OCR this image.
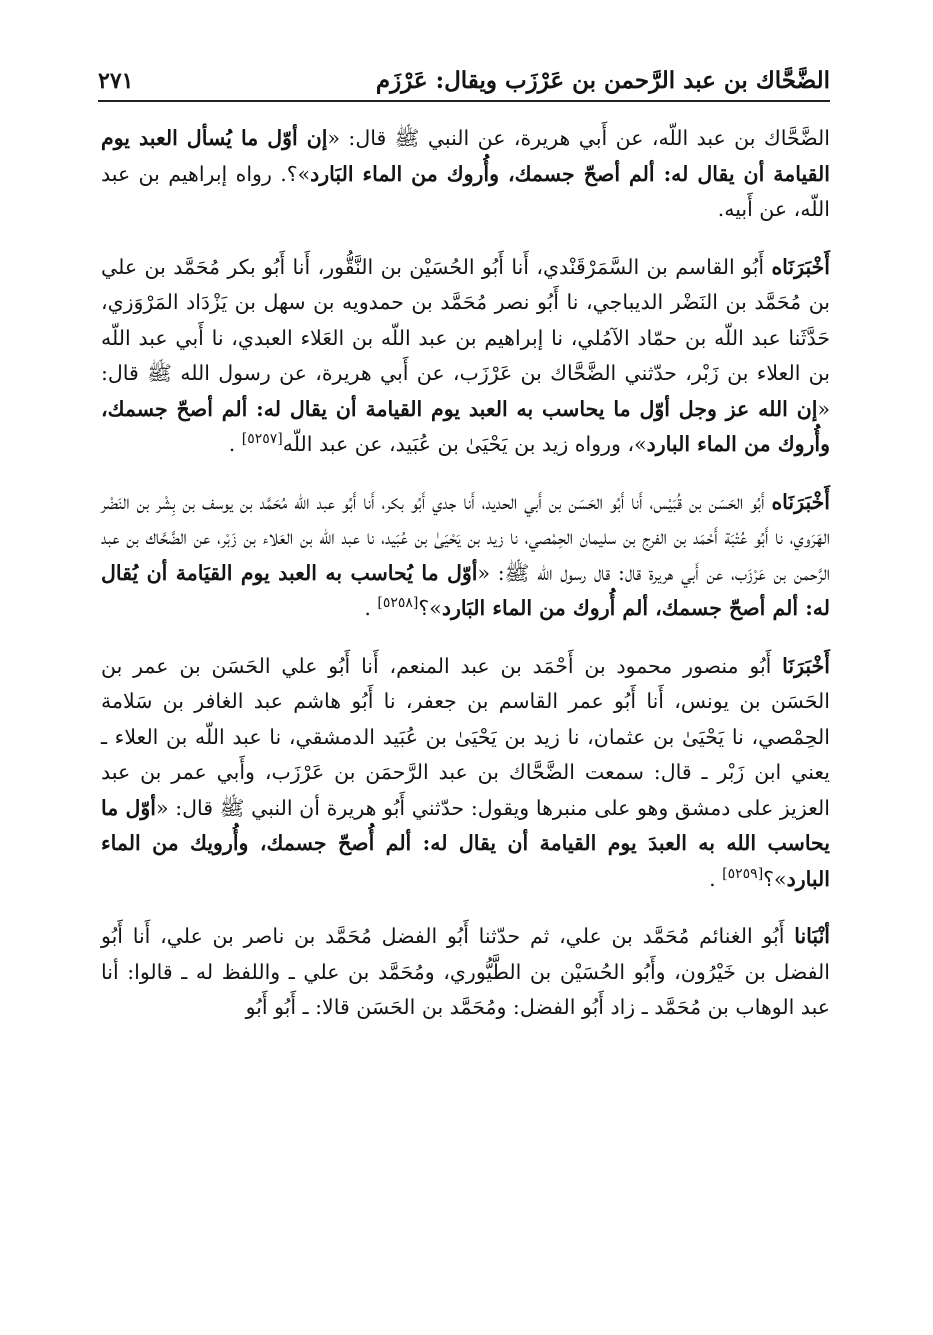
الضَّحَّاك بن عبد الرَّحمن بن عَرْزَب ويقال: عَرْزَم
٢٧١

الضَّحَّاك بن عبد اللّه، عن أَبي هريرة، عن النبي ﷺ قال: «إن أوّل ما يُسأل العبد يوم القيامة أن يقال له: ألم أصحّ جسمك، وأُروك من الماء البَارد»؟. رواه إبراهيم بن عبد اللّه، عن أَبيه.

أَخْبَرَنَاه أَبُو القاسم بن السَّمَرْقَنْدي، أَنا أَبُو الحُسَيْن بن النَّقُّور، أَنا أَبُو بكر مُحَمَّد بن علي بن مُحَمَّد بن النَضْر الديباجي، نا أَبُو نصر مُحَمَّد بن حمدويه بن سهل بن يَزْدَاد المَرْوَزي، حَدَّثَنا عبد اللّه بن حمّاد الآمُلي، نا إبراهيم بن عبد اللّه بن العَلاء العبدي، نا أَبي عبد اللّه بن العلاء بن زَبْر، حدّثني الضَّحَّاك بن عَرْزَب، عن أَبي هريرة، عن رسول الله ﷺ قال: «إن الله عز وجل أوّل ما يحاسب به العبد يوم القيامة أن يقال له: ألم أصحّ جسمك، وأُروك من الماء البارد»، ورواه زيد بن يَحْيَىٰ بن عُبَيد، عن عبد اللّه[٥٢٥٧] .

أَخْبَرَنَاه أَبُو الحَسَن بن قُبَيْس، أَنا أَبُو الحَسَن بن أَبي الحديد، أَنا جدي أَبُو بكر، أَنا أَبُو عبد اللّه مُحَمَّد بن يوسف بن بِشْر بن النَضْر الهَرَوي، نا أَبُو عُتْبَة أَحْمَد بن الفرج بن سليمان الحِمْصي، نا زيد بن يَحْيَىٰ بن عُبَيد، نا عبد اللّه بن العَلاء بن زَبْر، عن الضَّحَّاك بن عبد الرَّحمن بن عَرْزَب، عن أَبي هريرة قال: قال رسول الله ﷺ: «أوّل ما يُحاسب به العبد يوم القيَامة أن يُقال له: ألم أصحّ جسمك، ألم أُروك من الماء البَارد»؟[٥٢٥٨] .

أَخْبَرَنَا أَبُو منصور محمود بن أَحْمَد بن عبد المنعم، أَنا أَبُو علي الحَسَن بن عمر بن الحَسَن بن يونس، أَنا أَبُو عمر القاسم بن جعفر، نا أَبُو هاشم عبد الغافر بن سَلامة الحِمْصي، نا يَحْيَىٰ بن عثمان، نا زيد بن يَحْيَىٰ بن عُبَيد الدمشقي، نا عبد اللّه بن العلاء ـ يعني ابن زَبْر ـ قال: سمعت الضَّحَّاك بن عبد الرَّحمَن بن عَرْزَب، وأَبي عمر بن عبد العزيز على دمشق وهو على منبرها ويقول: حدّثني أَبُو هريرة أن النبي ﷺ قال: «أوّل ما يحاسب الله به العبدَ يوم القيامة أن يقال له: ألم أُصحّ جسمك، وأُرويك من الماء البارد»؟[٥٢٥٩] .

أنْبَانا أَبُو الغنائم مُحَمَّد بن علي، ثم حدّثنا أَبُو الفضل مُحَمَّد بن ناصر بن علي، أَنا أَبُو الفضل بن خَيْرُون، وأَبُو الحُسَيْن بن الطَّيُّوري، ومُحَمَّد بن علي ـ واللفظ له ـ قالوا: أنا عبد الوهاب بن مُحَمَّد ـ زاد أَبُو الفضل: ومُحَمَّد بن الحَسَن قالا: ـ أَبُو أَبُو
